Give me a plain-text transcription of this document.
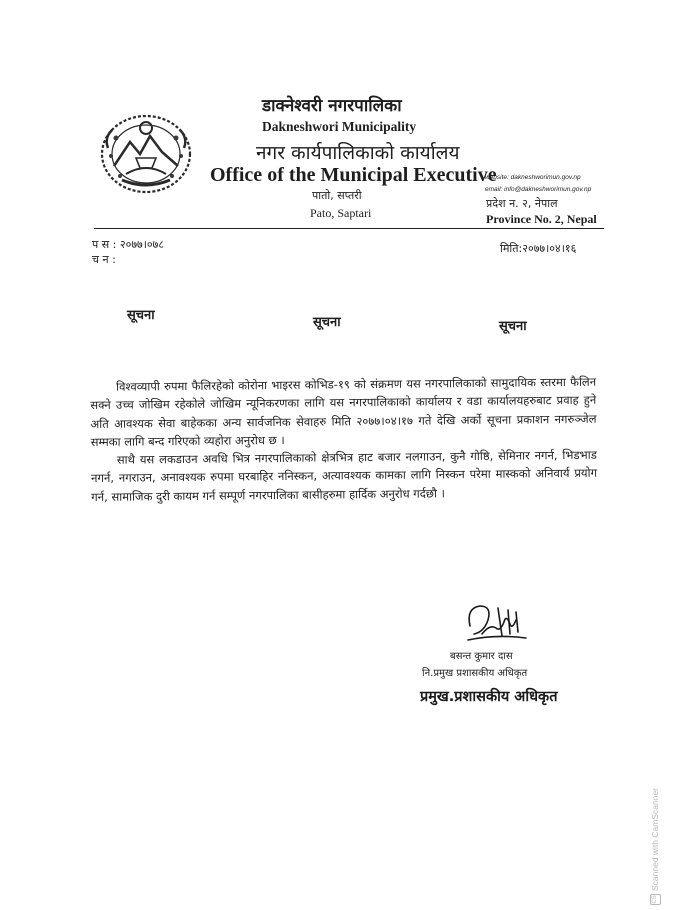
डाक्नेश्वरी नगरपालिका
Dakneshwori Municipality
नगर कार्यपालिकाको कार्यालय
Office of the Municipal Executive
पातो, सप्तरी
Pato, Saptari
website: dakneshworimun.gov.np
email: info@dakneshworimun.gov.np
प्रदेश न. २, नेपाल
Province No. 2, Nepal
प स : २०७७।०७८
च न :
मिति:२०७७।०४।१६
सूचना	सूचना	सूचना

विश्वव्यापी रुपमा फैलिरहेको कोरोना भाइरस कोभिड-१९ को संक्रमण यस नगरपालिकाको सामुदायिक स्तरमा फैलिन सक्ने उच्च जोखिम रहेकोले जोखिम न्यूनिकरणका लागि यस नगरपालिकाको कार्यालय र वडा कार्यालयहरुबाट प्रवाह हुने अति आवश्यक सेवा बाहेकका अन्य सार्वजनिक सेवाहरु मिति २०७७।०४।१७ गते देखि अर्को सूचना प्रकाशन नगरुञ्जेल सम्मका लागि बन्द गरिएको व्यहोरा अनुरोध छ ।

साथै यस लकडाउन अवधि भित्र नगरपालिकाको क्षेत्रभित्र हाट बजार नलगाउन, कुनै गोष्ठि, सेमिनार नगर्न, भिडभाड नगर्न, नगराउन, अनावश्यक रुपमा घरबाहिर ननिस्कन, अत्यावश्यक कामका लागि निस्कन परेमा मास्कको अनिवार्य प्रयोग गर्न, सामाजिक दुरी कायम गर्न सम्पूर्ण नगरपालिका बासीहरुमा हार्दिक अनुरोध गर्दछौ ।

बसन्त कुमार दास
नि.प्रमुख प्रशासकीय अधिकृत
प्रमुख.प्रशासकीय अधिकृत
CSScanned with CamScanner
